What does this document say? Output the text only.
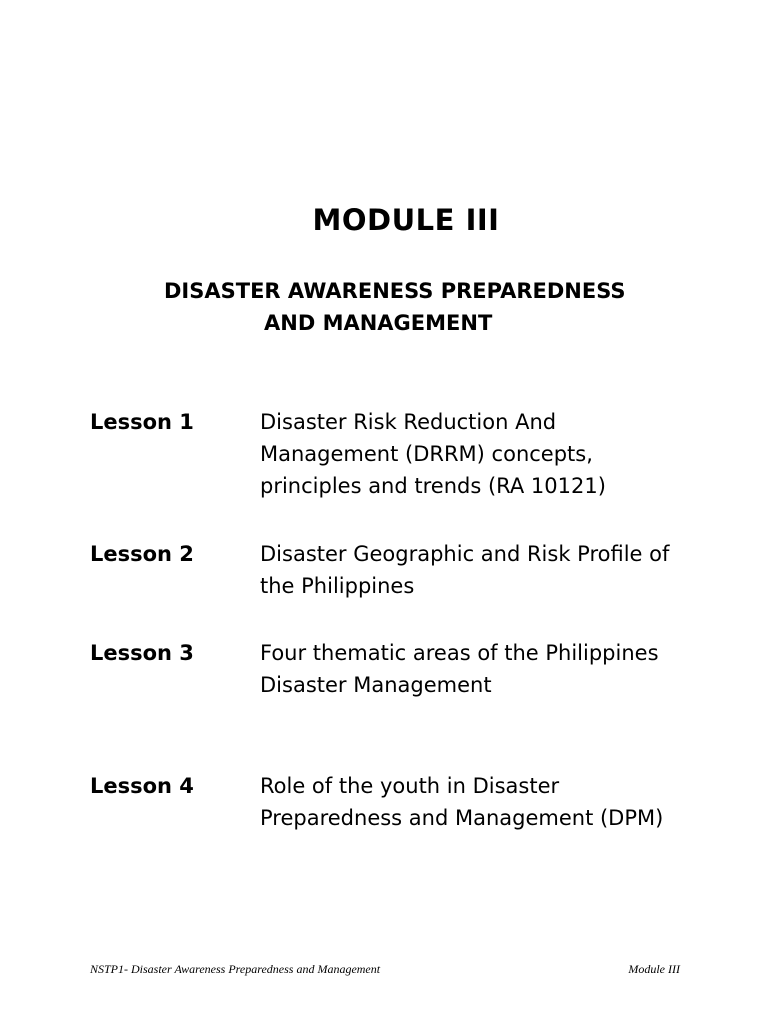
MODULE III
DISASTER AWARENESS PREPAREDNESS
AND MANAGEMENT
Lesson 1	Disaster Risk Reduction And Management (DRRM) concepts, principles and trends (RA 10121)
Lesson 2	Disaster Geographic and Risk Profile of the Philippines
Lesson 3	Four thematic areas of the Philippines Disaster Management
Lesson 4	Role of the youth in Disaster Preparedness and Management (DPM)
NSTP1- Disaster Awareness Preparedness and Management	Module III
